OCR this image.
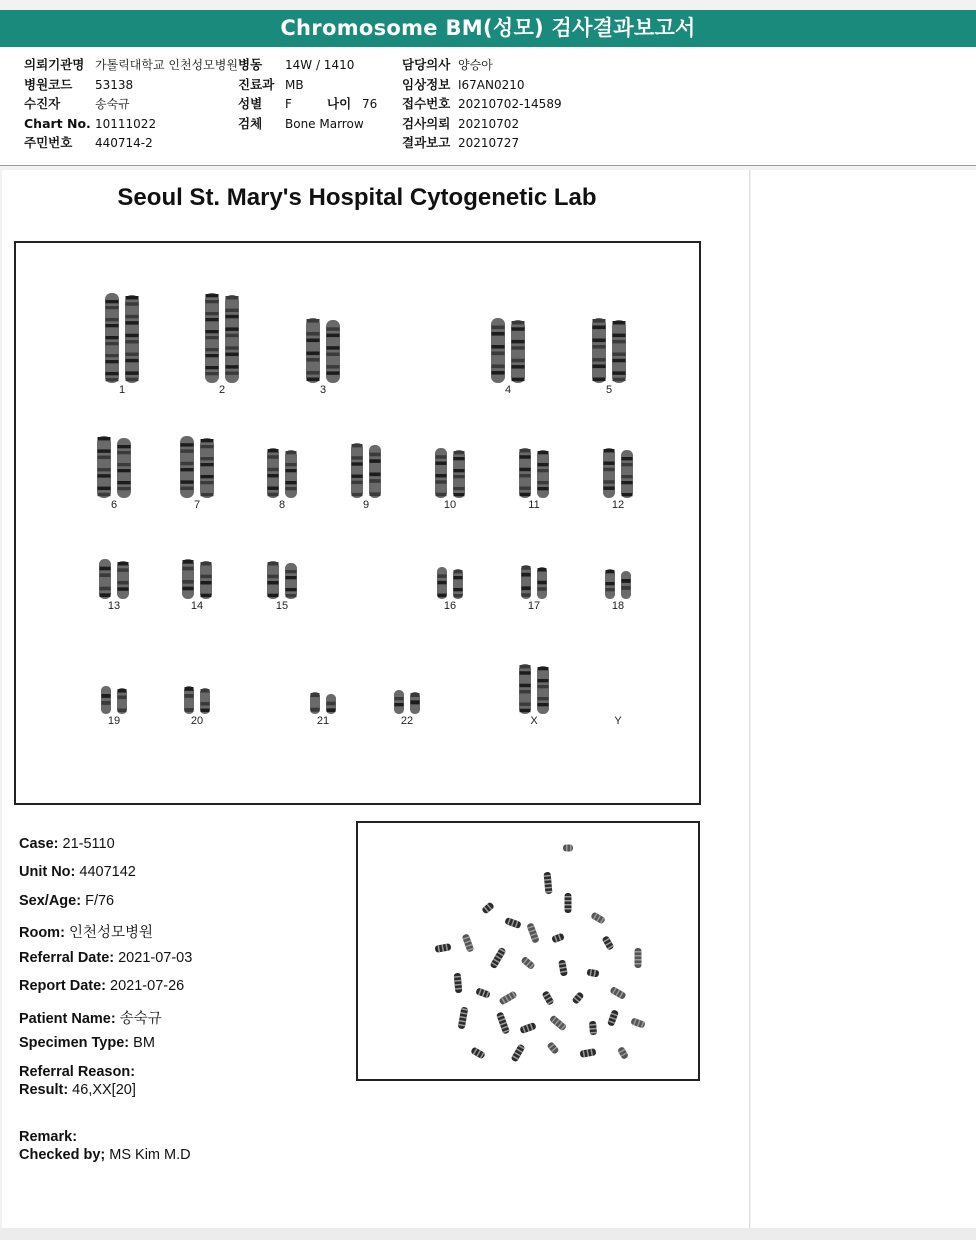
Chromosome BM(성모) 검사결과보고서
의뢰기관명 가톨릭대학교 인천성모병원
병원코드 53138
수진자	송숙규
Chart No. 10111022
주민번호 440714-2
병동 14W / 1410
진료과 MB
성별 F	나이 76
검체 Bone Marrow
담당의사 양승아
임상정보 I67AN0210
접수번호 20210702-14589
검사의뢰 20210702
결과보고 20210727
Seoul St. Mary's Hospital Cytogenetic Lab
1	2	3	4	5
6	7	8	9	10	11	12
13	14	15	16	17	18
19	20	21	22	X	Y
Case: 21-5110
Unit No: 4407142
Sex/Age: F/76
Room: 인천성모병원
Referral Date: 2021-07-03
Report Date: 2021-07-26
Patient Name: 송숙규
Specimen Type: BM
Referral Reason:
Result: 46,XX[20]
Remark:
Checked by; MS Kim M.D
